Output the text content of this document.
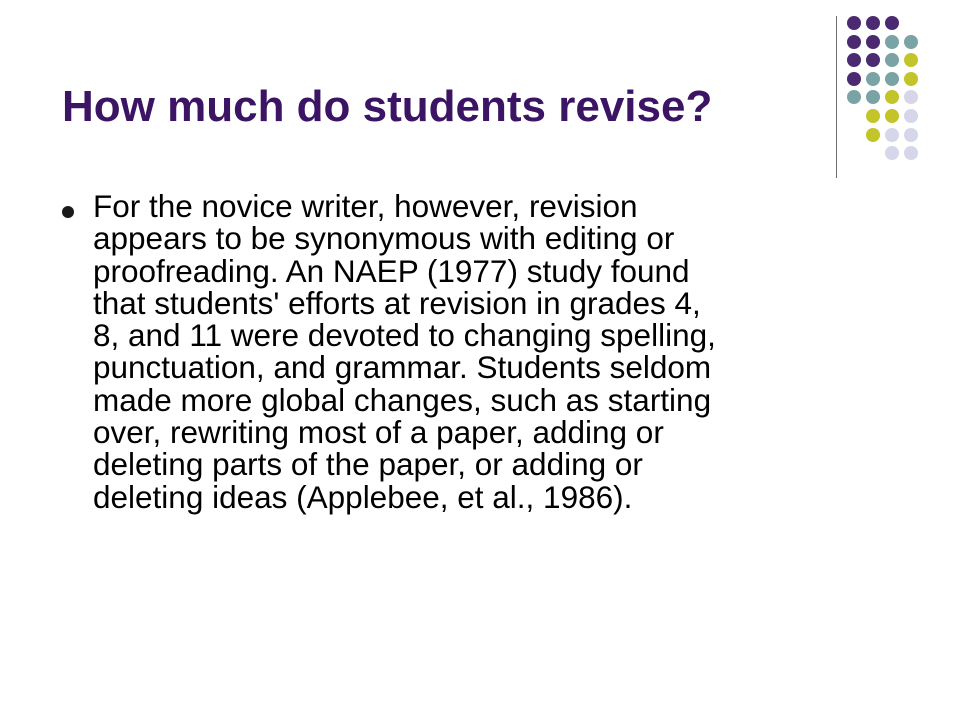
How much do students revise?
For the novice writer, however, revision
appears to be synonymous with editing or
proofreading. An NAEP (1977) study found
that students' efforts at revision in grades 4,
8, and 11 were devoted to changing spelling,
punctuation, and grammar. Students seldom
made more global changes, such as starting
over, rewriting most of a paper, adding or
deleting parts of the paper, or adding or
deleting ideas (Applebee, et al., 1986).
